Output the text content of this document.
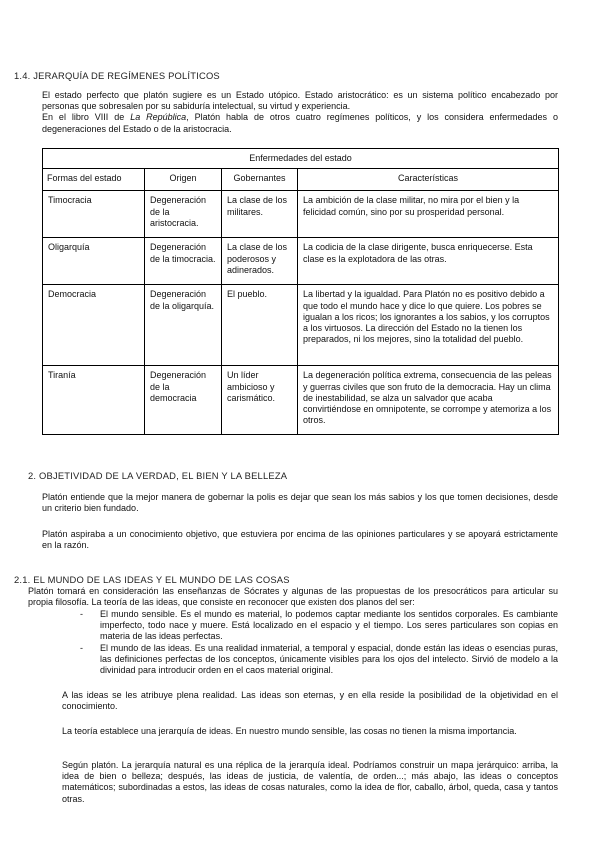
1.4. JERARQUÍA DE REGÍMENES POLÍTICOS

El estado perfecto que platón sugiere es un Estado utópico. Estado aristocrático: es un sistema político encabezado por personas que sobresalen por su sabiduría intelectual, su virtud y experiencia.

En el libro VIII de La República, Platón habla de otros cuatro regímenes políticos, y los considera enfermedades o degeneraciones del Estado o de la aristocracia.

Enfermedades del estado			
Formas del estado	Origen	Gobernantes	Características
Timocracia	Degeneración de la aristocracia.	La clase de los militares.	La ambición de la clase militar, no mira por el bien y la felicidad común, sino por su prosperidad personal.
Oligarquía	Degeneración de la timocracia.	La clase de los poderosos y adinerados.	La codicia de la clase dirigente, busca enriquecerse. Esta clase es la explotadora de las otras.
Democracia	Degeneración de la oligarquía.	El pueblo.	La libertad y la igualdad. Para Platón no es positivo debido a que todo el mundo hace y dice lo que quiere. Los pobres se igualan a los ricos; los ignorantes a los sabios, y los corruptos a los virtuosos. La dirección del Estado no la tienen los preparados, ni los mejores, sino la totalidad del pueblo.
Tiranía	Degeneración de la democracia	Un líder ambicioso y carismático.	La degeneración política extrema, consecuencia de las peleas y guerras civiles que son fruto de la democracia. Hay un clima de inestabilidad, se alza un salvador que acaba convirtiéndose en omnipotente, se corrompe y atemoriza a los otros.
2. OBJETIVIDAD DE LA VERDAD, EL BIEN Y LA BELLEZA
Platón entiende que la mejor manera de gobernar la polis es dejar que sean los más sabios y los que tomen decisiones, desde un criterio bien fundado.
Platón aspiraba a un conocimiento objetivo, que estuviera por encima de las opiniones particulares y se apoyará estrictamente en la razón.
2.1. EL MUNDO DE LAS IDEAS Y EL MUNDO DE LAS COSAS
Platón tomará en consideración las enseñanzas de Sócrates y algunas de las propuestas de los presocráticos para articular su propia filosofía. La teoría de las ideas, que consiste en reconocer que existen dos planos del ser:

- El mundo sensible. Es el mundo es material, lo podemos captar mediante los sentidos corporales. Es cambiante imperfecto, todo nace y muere. Está localizado en el espacio y el tiempo. Los seres particulares son copias en materia de las ideas perfectas.

- El mundo de las ideas. Es una realidad inmaterial, a temporal y espacial, donde están las ideas o esencias puras, las definiciones perfectas de los conceptos, únicamente visibles para los ojos del intelecto. Sirvió de modelo a la divinidad para introducir orden en el caos material original.

A las ideas se les atribuye plena realidad. Las ideas son eternas, y en ella reside la posibilidad de la objetividad en el conocimiento.
La teoría establece una jerarquía de ideas. En nuestro mundo sensible, las cosas no tienen la misma importancia.
Según platón. La jerarquía natural es una réplica de la jerarquía ideal. Podríamos construir un mapa jerárquico: arriba, la idea de bien o belleza; después, las ideas de justicia, de valentía, de orden...; más abajo, las ideas o conceptos matemáticos; subordinadas a estos, las ideas de cosas naturales, como la idea de flor, caballo, árbol, queda, casa y tantos otras.
